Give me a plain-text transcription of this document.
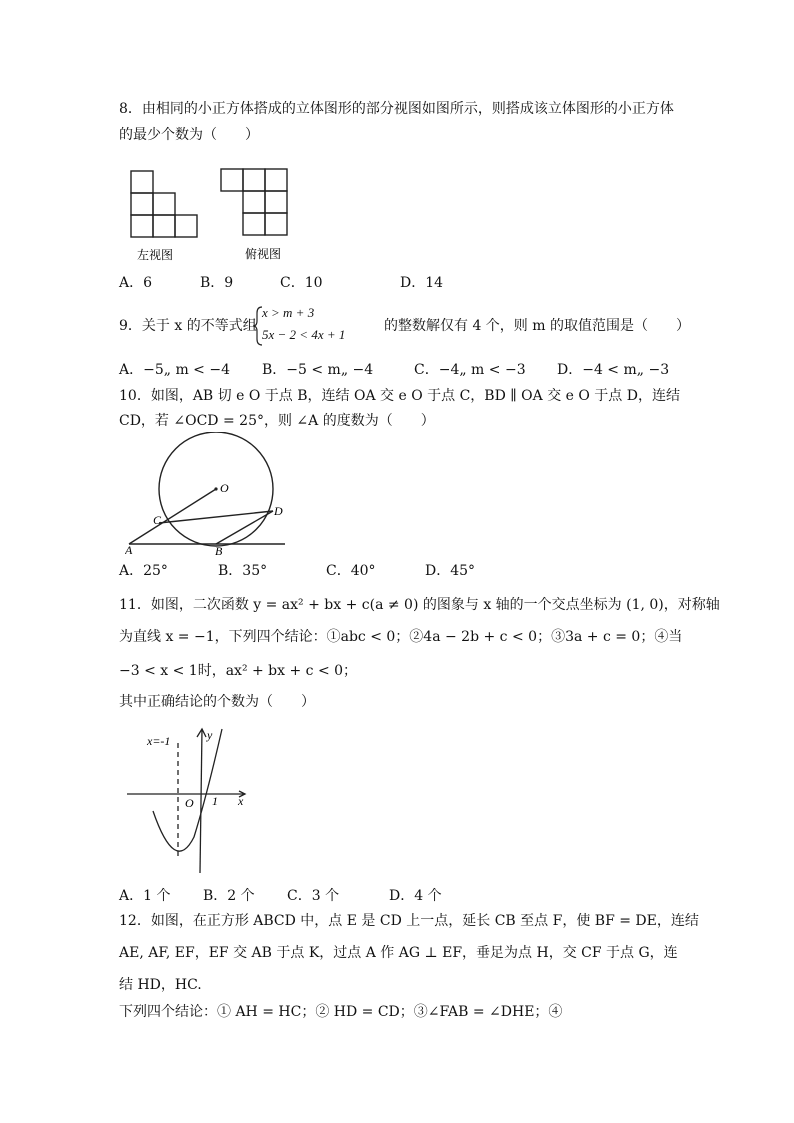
8．由相同的小正方体搭成的立体图形的部分视图如图所示，则搭成该立体图形的小正方体
的最少个数为（　　）
左视图	俯视图
A．6	B．9	C．10	D．14
9．关于 x 的不等式组
x > m + 3
5x − 2 < 4x + 1
的整数解仅有 4 个，则 m 的取值范围是（　　）
A．−5„ m < −4 B．−5 < m„ −4	C．−4„ m < −3 D．−4 < m„ −3
10．如图，AB 切 e O 于点 B，连结 OA 交 e O 于点 C，BD ∥ OA 交 e O 于点 D，连结
CD，若 ∠OCD = 25°，则 ∠A 的度数为（　　）
O
C
D
A	B
A．25°	B．35°	C．40°	D．45°
11．如图，二次函数 y = ax² + bx + c(a ≠ 0) 的图象与 x 轴的一个交点坐标为 (1, 0)，对称轴
为直线 x = −1，下列四个结论：①abc < 0；②4a − 2b + c < 0；③3a + c = 0；④当
−3 < x < 1时，ax² + bx + c < 0；
其中正确结论的个数为（　　）
x=-1	y
x
O 1
A．1 个 B．2 个 C．3 个	D．4 个
12．如图，在正方形 ABCD 中，点 E 是 CD 上一点，延长 CB 至点 F，使 BF = DE，连结
AE, AF, EF，EF 交 AB 于点 K，过点 A 作 AG ⊥ EF，垂足为点 H，交 CF 于点 G，连
结 HD，HC.
下列四个结论：① AH = HC；② HD = CD；③∠FAB = ∠DHE；④
